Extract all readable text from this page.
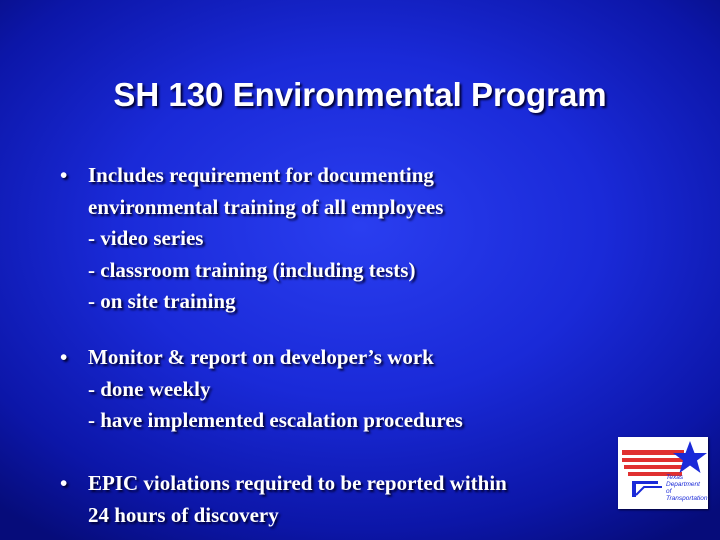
SH 130 Environmental Program
• Includes requirement for documenting
environmental training of all employees
- video series
- classroom training (including tests)
- on site training
• Monitor & report on developer’s work
- done weekly
- have implemented escalation procedures
• EPIC violations required to be reported within
24 hours of discovery
Texas
Department
of Transportation
